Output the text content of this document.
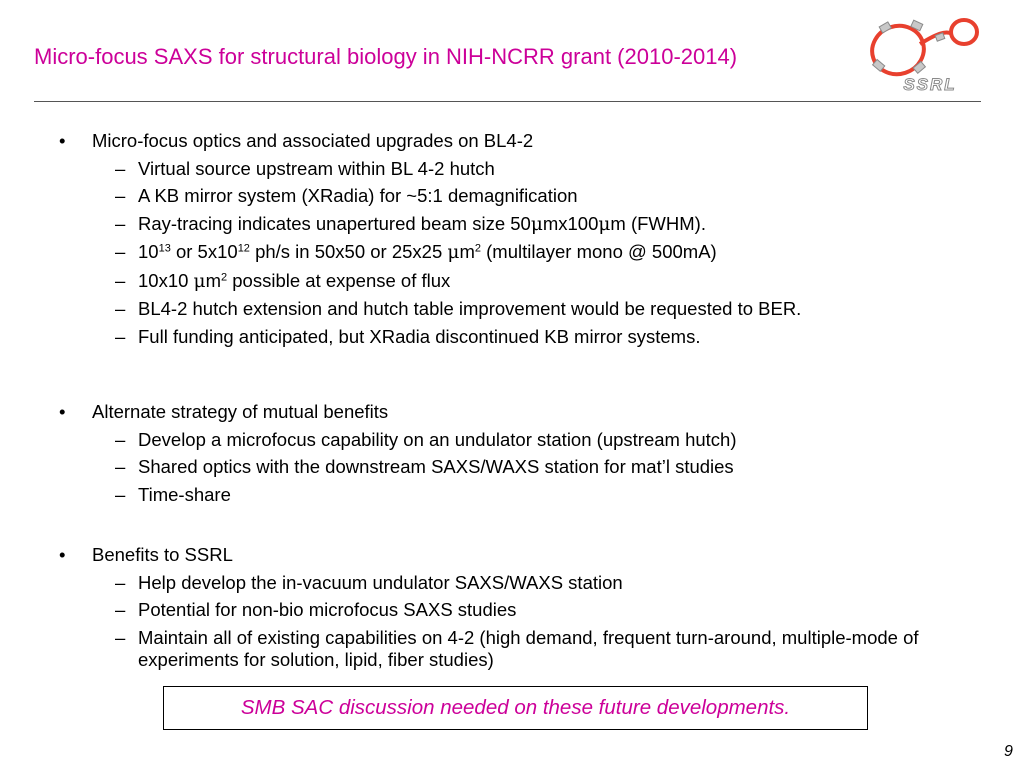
Micro-focus SAXS for structural biology in NIH-NCRR grant (2010-2014)
SSRL
• Micro-focus optics and associated upgrades on BL4-2
– Virtual source upstream within BL 4-2 hutch
– A KB mirror system (XRadia) for ~5:1 demagnification
– Ray-tracing indicates unapertured beam size 50μmx100μm (FWHM).
– $10^{13}$ or $5x10^{12}$ ph/s in 50x50 or 25x25 $\mu m^2$ (multilayer mono @ 500mA)
– 10x10 $\mu m^2$ possible at expense of flux
– BL4-2 hutch extension and hutch table improvement would be requested to BER.
– Full funding anticipated, but XRadia discontinued KB mirror systems.
• Alternate strategy of mutual benefits
– Develop a microfocus capability on an undulator station (upstream hutch)
– Shared optics with the downstream SAXS/WAXS station for mat’l studies
– Time-share
• Benefits to SSRL
– Help develop the in-vacuum undulator SAXS/WAXS station
– Potential for non-bio microfocus SAXS studies
– Maintain all of existing capabilities on 4-2 (high demand, frequent turn-around, multiple-mode of experiments for solution, lipid, fiber studies)
SMB SAC discussion needed on these future developments.
9
